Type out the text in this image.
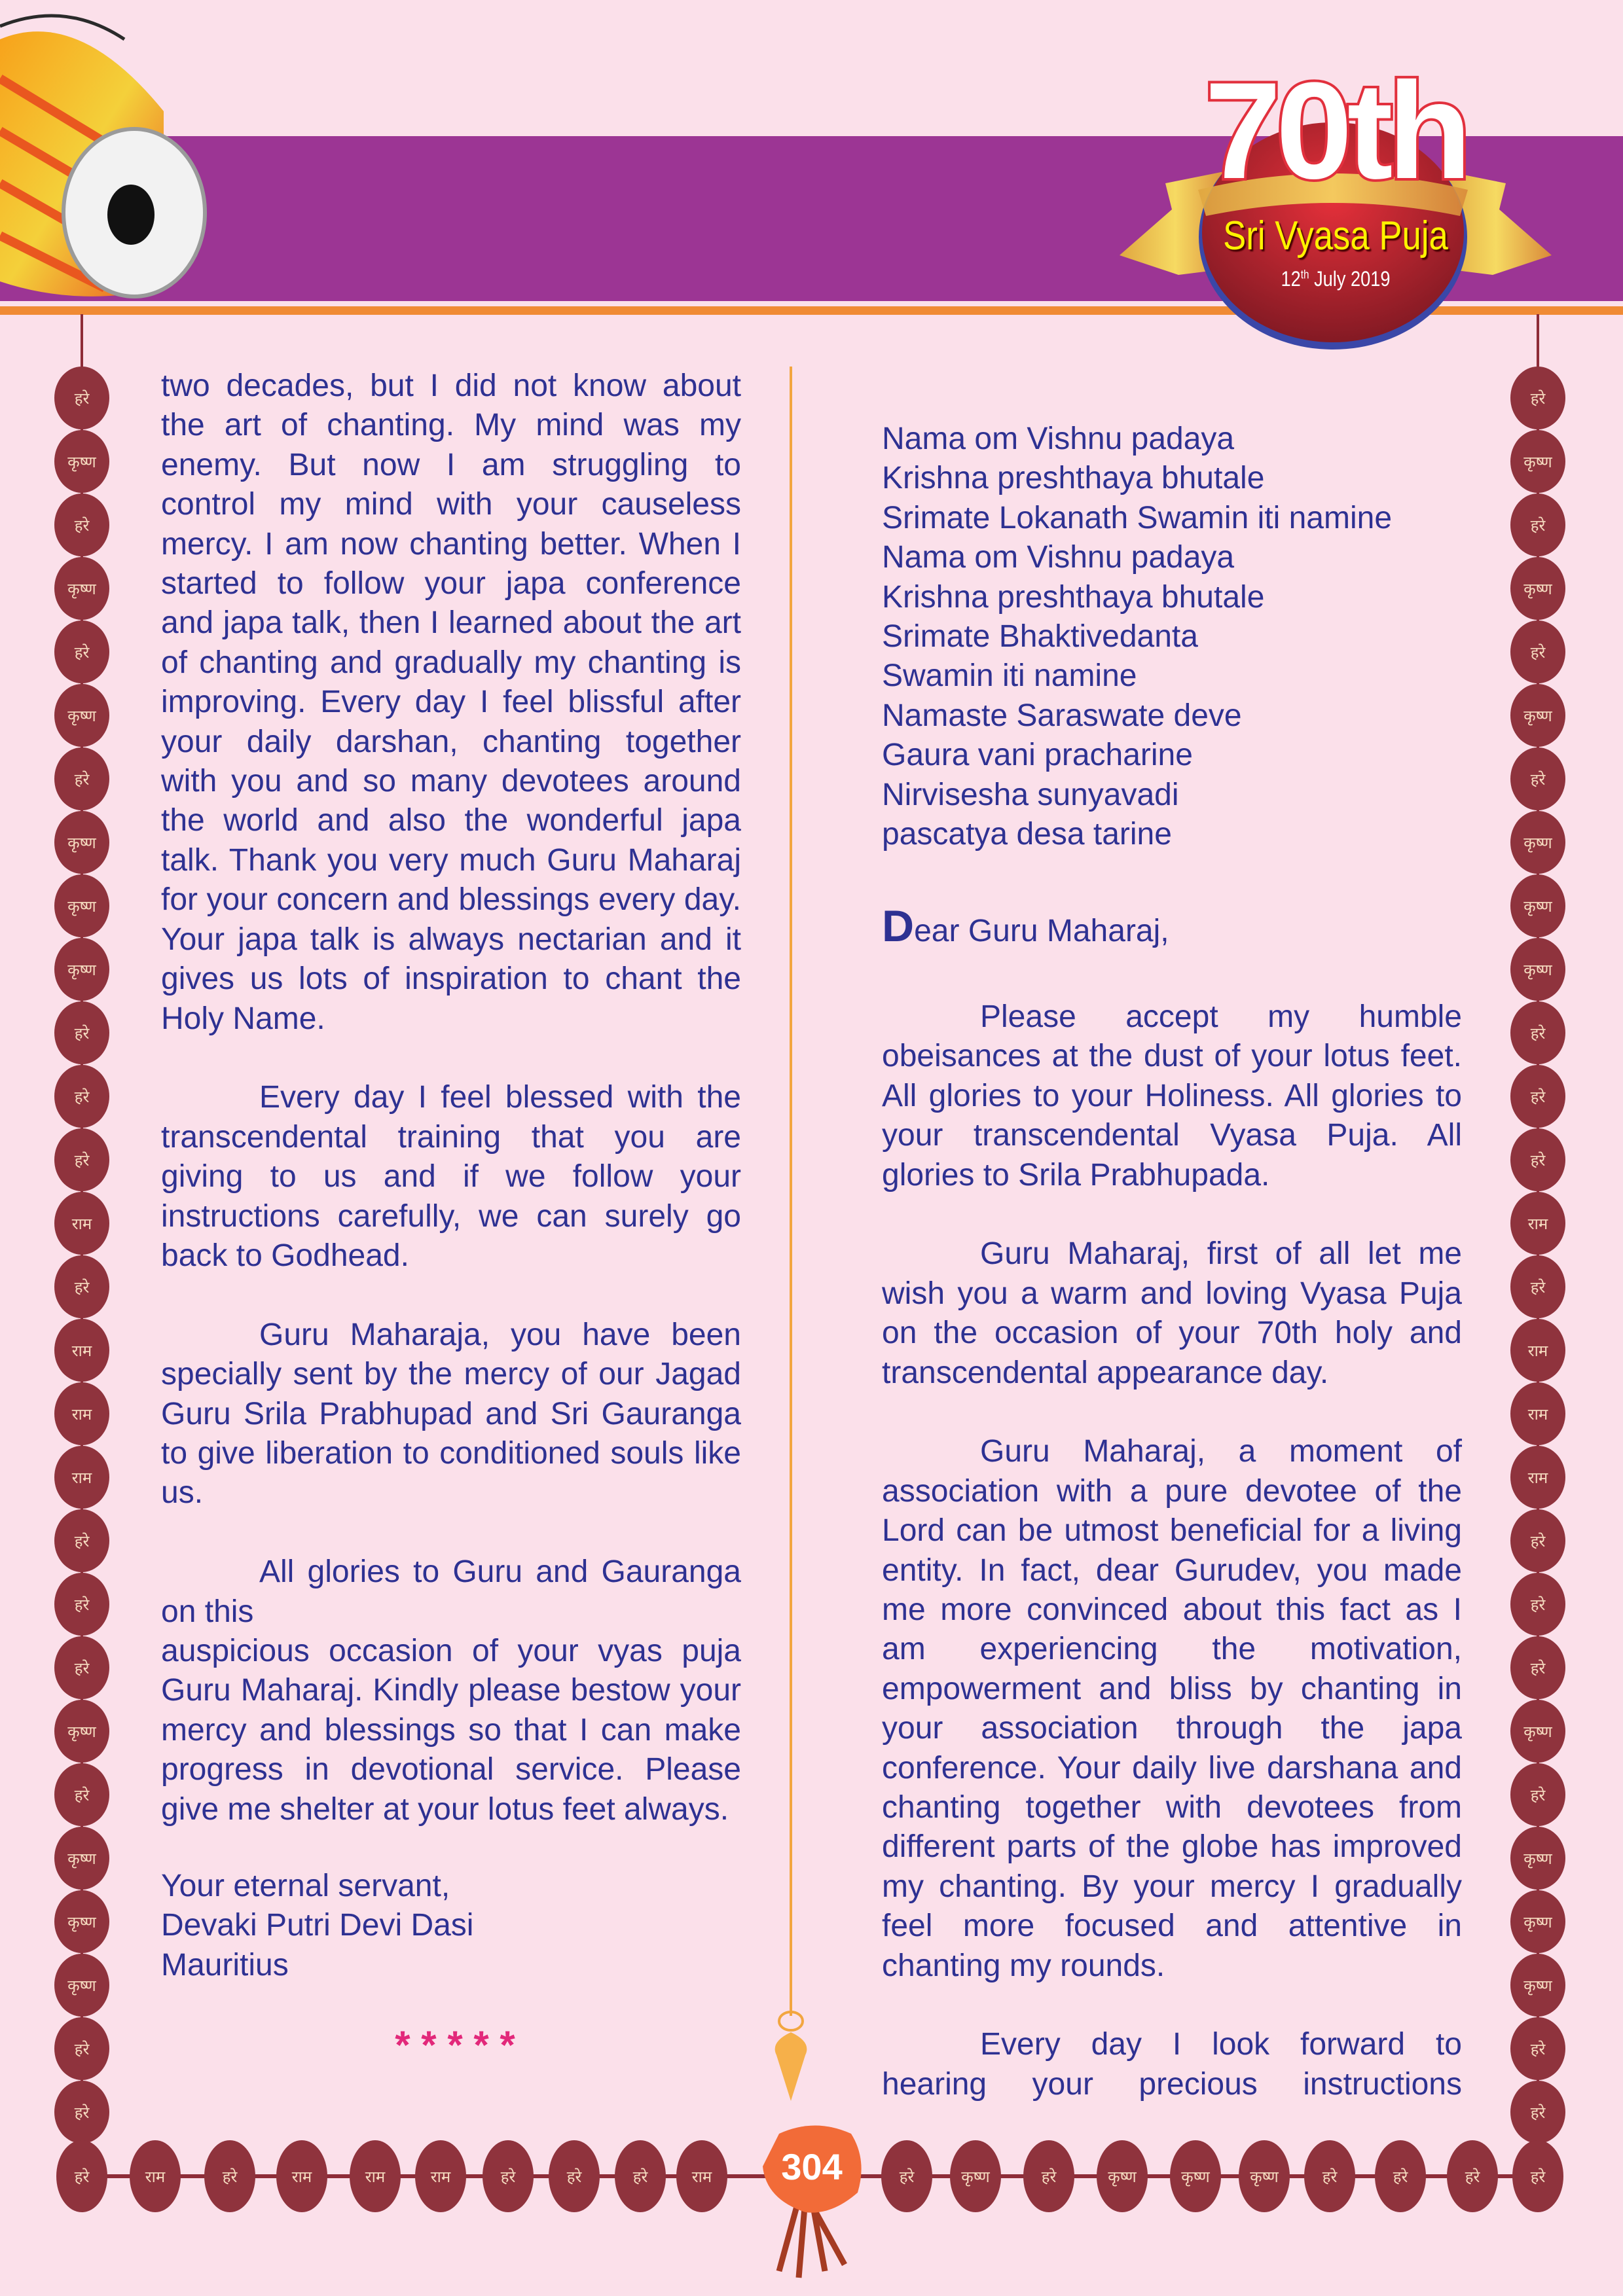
70th
Sri Vyasa Puja
12th July 2019
हरे
कृष्ण
हरे
कृष्ण
हरे
कृष्ण
हरे
कृष्ण
कृष्ण
कृष्ण
हरे
हरे
हरे
राम
हरे
राम
राम
राम
हरे
हरे
हरे
कृष्ण
हरे
कृष्ण
कृष्ण
कृष्ण
हरे
हरे
हरे
कृष्ण
हरे
कृष्ण
हरे
कृष्ण
हरे
कृष्ण
कृष्ण
कृष्ण
हरे
हरे
हरे
राम
हरे
राम
राम
राम
हरे
हरे
हरे
कृष्ण
हरे
कृष्ण
कृष्ण
कृष्ण
हरे
हरे
हरे	राम	हरे	राम	राम	राम	हरे	हरे	हरे	राम	हरे	कृष्ण	हरे	कृष्ण	कृष्ण	कृष्ण	हरे	हरे	हरे	हरे
304
two decades, but I did not know about
the art of chanting. My mind was my
enemy. But now I am struggling to
control my mind with your causeless
mercy. I am now chanting better. When I
started to follow your japa conference
and japa talk, then I learned about the art
of chanting and gradually my chanting is
improving. Every day I feel blissful after
your daily darshan, chanting together
with you and so many devotees around
the world and also the wonderful japa
talk. Thank you very much Guru Maharaj
for your concern and blessings every day.
Your japa talk is always nectarian and it
gives us lots of inspiration to chant the
Holy Name.
Every day I feel blessed with the
transcendental training that you are
giving to us and if we follow your
instructions carefully, we can surely go
back to Godhead.
Guru Maharaja, you have been
specially sent by the mercy of our Jagad
Guru Srila Prabhupad and Sri Gauranga
to give liberation to conditioned souls like
us.
All glories to Guru and Gauranga
on this
auspicious occasion of your vyas puja
Guru Maharaj. Kindly please bestow your
mercy and blessings so that I can make
progress in devotional service. Please
give me shelter at your lotus feet always.
Your eternal servant,
Devaki Putri Devi Dasi
Mauritius
* * * * *
Nama om Vishnu padaya
Krishna preshthaya bhutale
Srimate Lokanath Swamin iti namine
Nama om Vishnu padaya
Krishna preshthaya bhutale
Srimate Bhaktivedanta
Swamin iti namine
Namaste Saraswate deve
Gaura vani pracharine
Nirvisesha sunyavadi
pascatya desa tarine
Dear Guru Maharaj,
Please accept my humble
obeisances at the dust of your lotus feet.
All glories to your Holiness. All glories to
your transcendental Vyasa Puja. All
glories to Srila Prabhupada.
Guru Maharaj, first of all let me
wish you a warm and loving Vyasa Puja
on the occasion of your 70th holy and
transcendental appearance day.
Guru Maharaj, a moment of
association with a pure devotee of the
Lord can be utmost beneficial for a living
entity. In fact, dear Gurudev, you made
me more convinced about this fact as I
am experiencing the motivation,
empowerment and bliss by chanting in
your association through the japa
conference. Your daily live darshana and
chanting together with devotees from
different parts of the globe has improved
my chanting. By your mercy I gradually
feel more focused and attentive in
chanting my rounds.
Every day I look forward to
hearing your precious instructions
